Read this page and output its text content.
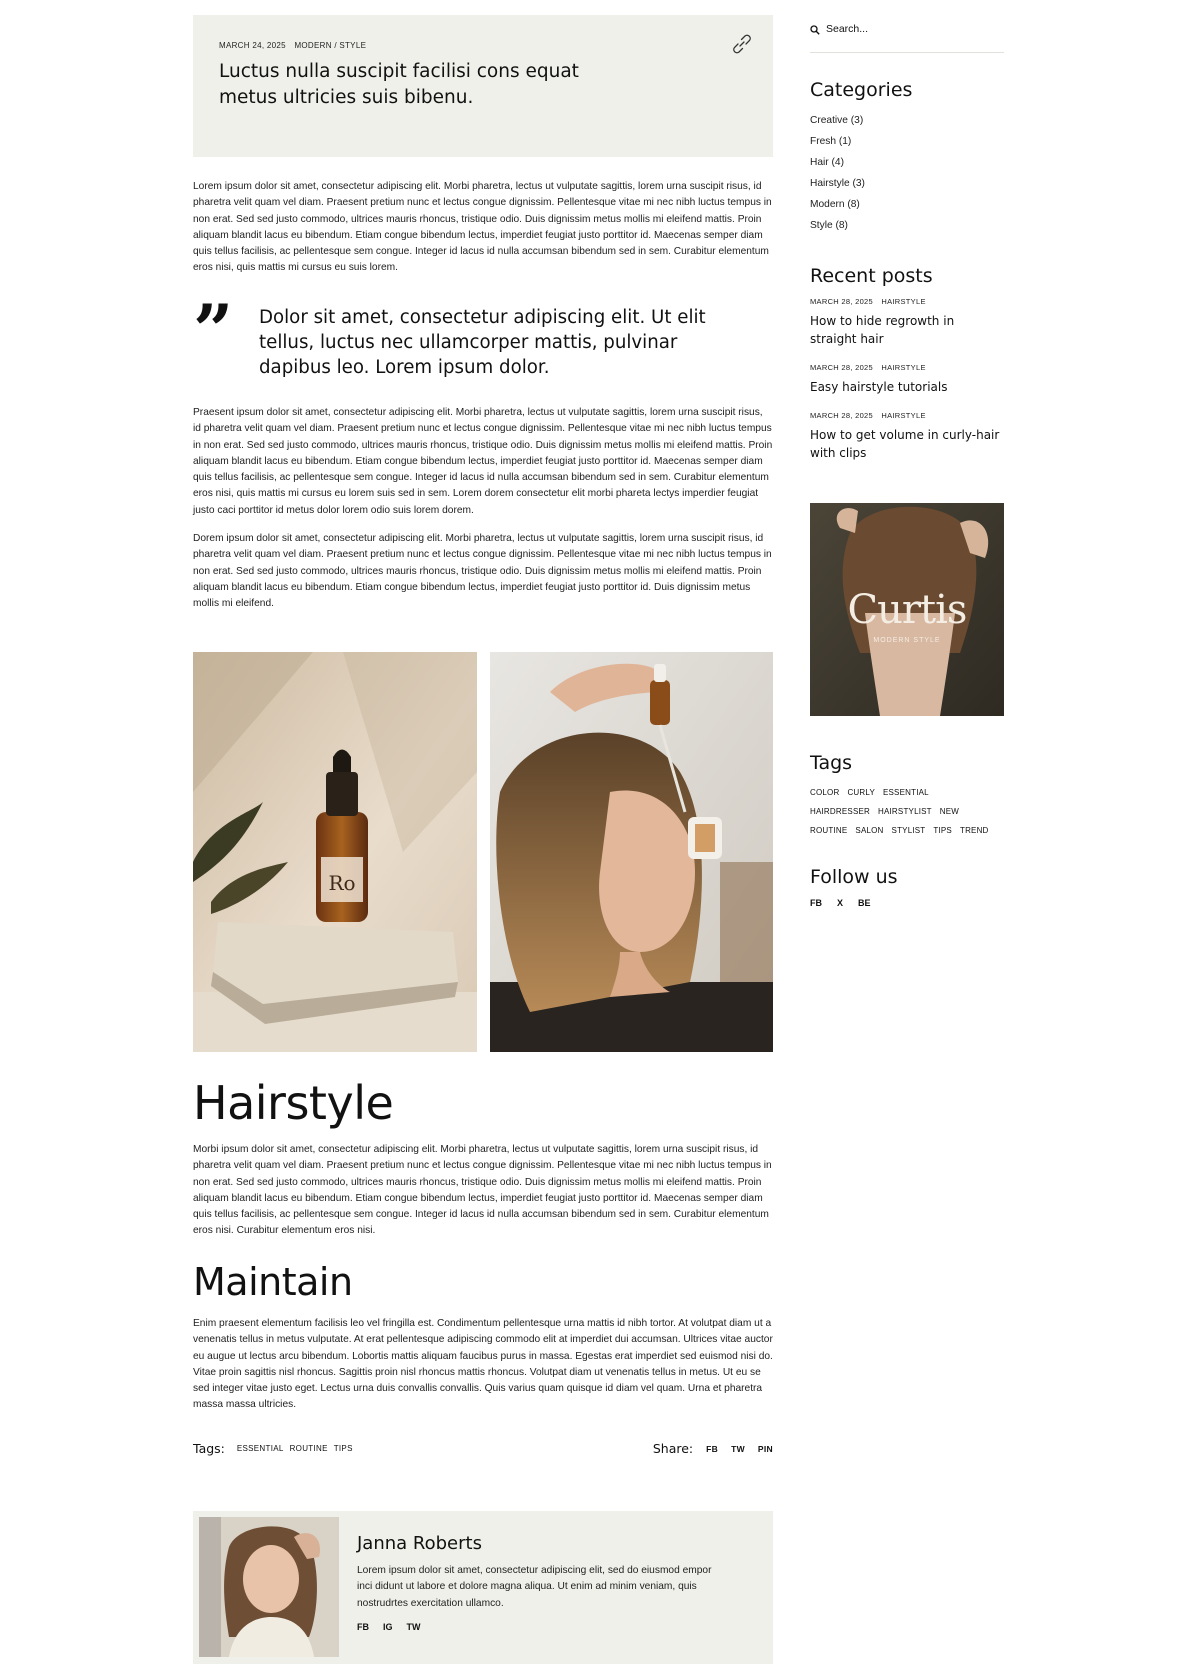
MARCH 24, 2025 MODERN / STYLE
Luctus nulla suscipit facilisi cons equat metus ultricies suis bibenu.

Lorem ipsum dolor sit amet, consectetur adipiscing elit. Morbi pharetra, lectus ut vulputate sagittis, lorem urna suscipit risus, id pharetra velit quam vel diam. Praesent pretium nunc et lectus congue dignissim. Pellentesque vitae mi nec nibh luctus tempus in non erat. Sed sed justo commodo, ultrices mauris rhoncus, tristique odio. Duis dignissim metus mollis mi eleifend mattis. Proin aliquam blandit lacus eu bibendum. Etiam congue bibendum lectus, imperdiet feugiat justo porttitor id. Maecenas semper diam quis tellus facilisis, ac pellentesque sem congue. Integer id lacus id nulla accumsan bibendum sed in sem. Curabitur elementum eros nisi, quis mattis mi cursus eu suis lorem.

” Dolor sit amet, consectetur adipiscing elit. Ut elit tellus, luctus nec ullamcorper mattis, pulvinar dapibus leo. Lorem ipsum dolor.

Praesent ipsum dolor sit amet, consectetur adipiscing elit. Morbi pharetra, lectus ut vulputate sagittis, lorem urna suscipit risus, id pharetra velit quam vel diam. Praesent pretium nunc et lectus congue dignissim. Pellentesque vitae mi nec nibh luctus tempus in non erat. Sed sed justo commodo, ultrices mauris rhoncus, tristique odio. Duis dignissim metus mollis mi eleifend mattis. Proin aliquam blandit lacus eu bibendum. Etiam congue bibendum lectus, imperdiet feugiat justo porttitor id. Maecenas semper diam quis tellus facilisis, ac pellentesque sem congue. Integer id lacus id nulla accumsan bibendum sed in sem. Curabitur elementum eros nisi, quis mattis mi cursus eu lorem suis sed in sem. Lorem dorem consectetur elit morbi phareta lectys imperdier feugiat justo caci porttitor id metus dolor lorem odio suis lorem dorem.

Dorem ipsum dolor sit amet, consectetur adipiscing elit. Morbi pharetra, lectus ut vulputate sagittis, lorem urna suscipit risus, id pharetra velit quam vel diam. Praesent pretium nunc et lectus congue dignissim. Pellentesque vitae mi nec nibh luctus tempus in non erat. Sed sed justo commodo, ultrices mauris rhoncus, tristique odio. Duis dignissim metus mollis mi eleifend mattis. Proin aliquam blandit lacus eu bibendum. Etiam congue bibendum lectus, imperdiet feugiat justo porttitor id. Duis dignissim metus mollis mi eleifend.

Ro
Hairstyle

Morbi ipsum dolor sit amet, consectetur adipiscing elit. Morbi pharetra, lectus ut vulputate sagittis, lorem urna suscipit risus, id pharetra velit quam vel diam. Praesent pretium nunc et lectus congue dignissim. Pellentesque vitae mi nec nibh luctus tempus in non erat. Sed sed justo commodo, ultrices mauris rhoncus, tristique odio. Duis dignissim metus mollis mi eleifend mattis. Proin aliquam blandit lacus eu bibendum. Etiam congue bibendum lectus, imperdiet feugiat justo porttitor id. Maecenas semper diam quis tellus facilisis, ac pellentesque sem congue. Integer id lacus id nulla accumsan bibendum sed in sem. Curabitur elementum eros nisi. Curabitur elementum eros nisi.

Maintain

Enim praesent elementum facilisis leo vel fringilla est. Condimentum pellentesque urna mattis id nibh tortor. At volutpat diam ut a venenatis tellus in metus vulputate. At erat pellentesque adipiscing commodo elit at imperdiet dui accumsan. Ultrices vitae auctor eu augue ut lectus arcu bibendum. Lobortis mattis aliquam faucibus purus in massa. Egestas erat imperdiet sed euismod nisi do. Vitae proin sagittis nisl rhoncus. Sagittis proin nisl rhoncus mattis rhoncus. Volutpat diam ut venenatis tellus in metus. Ut eu se sed integer vitae justo eget. Lectus urna duis convallis convallis. Quis varius quam quisque id diam vel quam. Urna et pharetra massa massa ultricies.

Tags: ESSENTIAL ROUTINE TIPS	Share: FB TW PIN
Janna Roberts
Lorem ipsum dolor sit amet, consectetur adipiscing elit, sed do eiusmod empor inci didunt ut labore et dolore magna aliqua. Ut enim ad minim veniam, quis nostrudrtes exercitation ullamco.
FB IG TW
Search...
Categories
Creative (3)
Fresh (1)
Hair (4)
Hairstyle (3)
Modern (8)
Style (8)
Recent posts
MARCH 28, 2025 HAIRSTYLE
How to hide regrowth in straight hair
MARCH 28, 2025 HAIRSTYLE
Easy hairstyle tutorials
MARCH 28, 2025 HAIRSTYLE
How to get volume in curly-hair with clips
Curtis
MODERN STYLE
Tags
COLOR CURLY ESSENTIAL
HAIRDRESSER HAIRSTYLIST NEW
ROUTINE SALON STYLIST TIPS TREND
Follow us
FB X BE
